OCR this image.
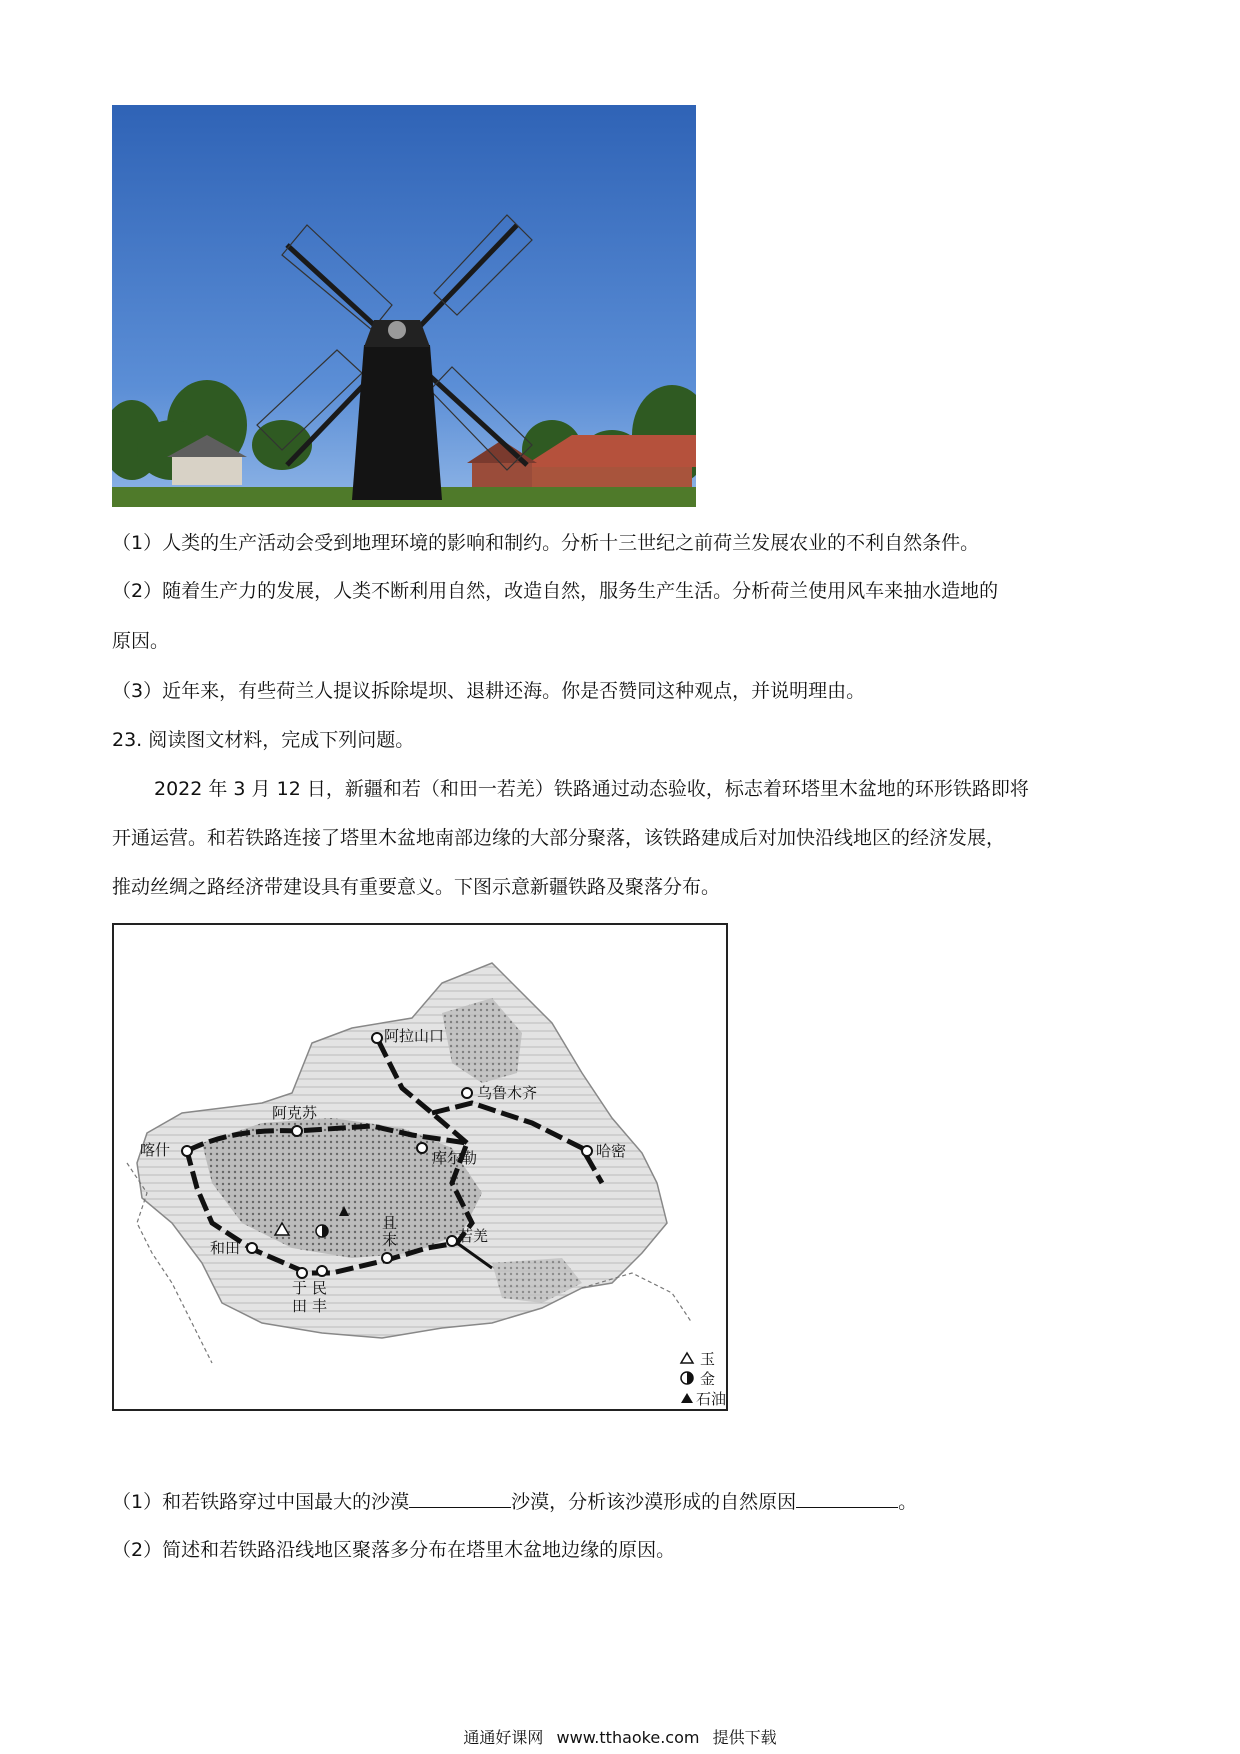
（1）人类的生产活动会受到地理环境的影响和制约。分析十三世纪之前荷兰发展农业的不利自然条件。
（2）随着生产力的发展，人类不断利用自然，改造自然，服务生产生活。分析荷兰使用风车来抽水造地的
原因。
（3）近年来，有些荷兰人提议拆除堤坝、退耕还海。你是否赞同这种观点，并说明理由。
23. 阅读图文材料，完成下列问题。
2022 年 3 月 12 日，新疆和若（和田一若羌）铁路通过动态验收，标志着环塔里木盆地的环形铁路即将
开通运营。和若铁路连接了塔里木盆地南部边缘的大部分聚落，该铁路建成后对加快沿线地区的经济发展，
推动丝绸之路经济带建设具有重要意义。下图示意新疆铁路及聚落分布。
阿拉山口
乌鲁木齐
哈密
阿克苏
喀什	库尔勒
且
末	若羌
和田
于
田
民
丰
玉
金
石油
（1）和若铁路穿过中国最大的沙漠	沙漠，分析该沙漠形成的自然原因	。
（2）简述和若铁路沿线地区聚落多分布在塔里木盆地边缘的原因。
通通好课网 www.tthaoke.com 提供下载
